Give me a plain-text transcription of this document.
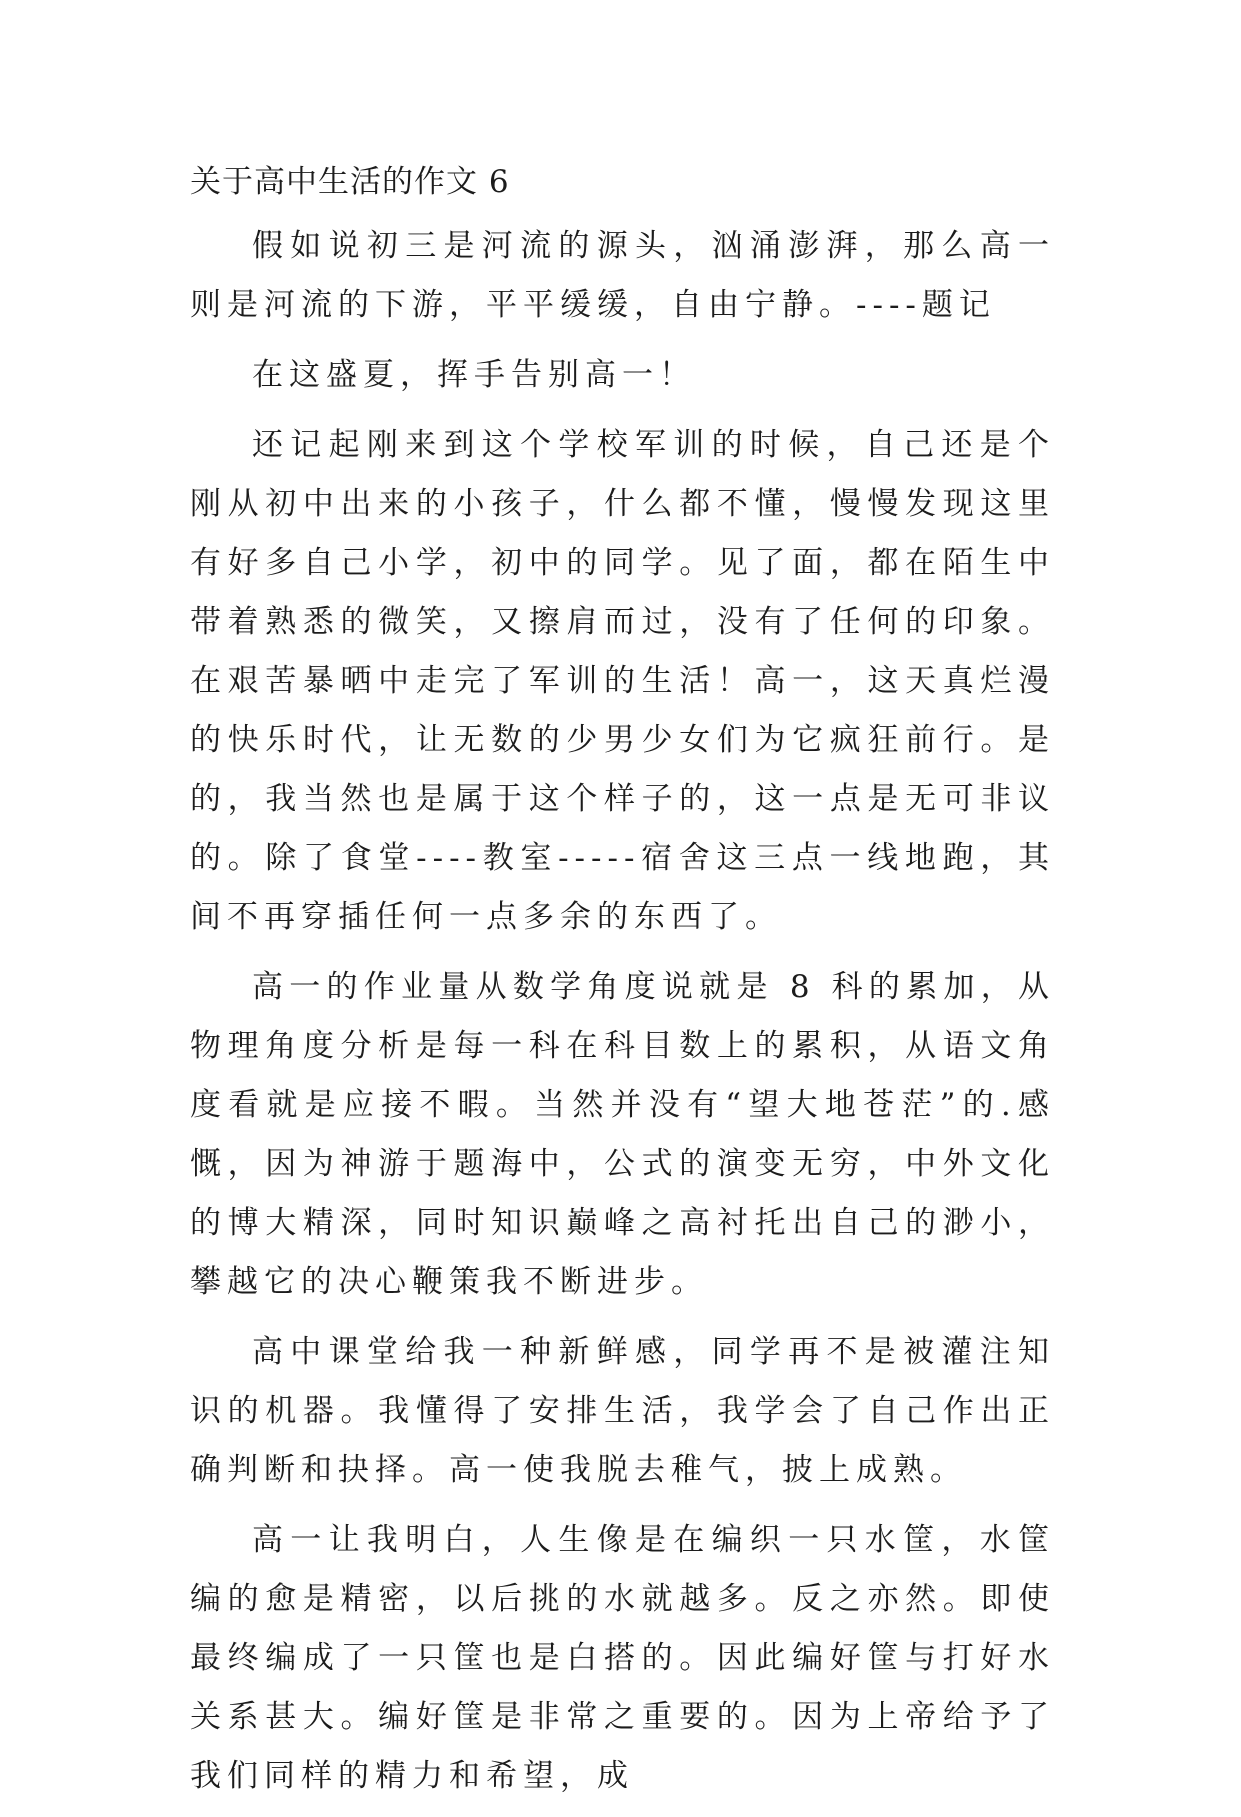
关于高中生活的作文 6

假如说初三是河流的源头，汹涌澎湃，那么高一则是河流的下游，平平缓缓，自由宁静。----题记

在这盛夏，挥手告别高一！

还记起刚来到这个学校军训的时候，自己还是个刚从初中出来的小孩子，什么都不懂，慢慢发现这里有好多自己小学，初中的同学。见了面，都在陌生中带着熟悉的微笑，又擦肩而过，没有了任何的印象。在艰苦暴晒中走完了军训的生活！高一，这天真烂漫的快乐时代，让无数的少男少女们为它疯狂前行。是的，我当然也是属于这个样子的，这一点是无可非议的。除了食堂----教室-----宿舍这三点一线地跑，其间不再穿插任何一点多余的东西了。

高一的作业量从数学角度说就是 8 科的累加，从物理角度分析是每一科在科目数上的累积，从语文角度看就是应接不暇。当然并没有“望大地苍茫”的.感慨，因为神游于题海中，公式的演变无穷，中外文化的博大精深，同时知识巅峰之高衬托出自己的渺小，攀越它的决心鞭策我不断进步。

高中课堂给我一种新鲜感，同学再不是被灌注知识的机器。我懂得了安排生活，我学会了自己作出正确判断和抉择。高一使我脱去稚气，披上成熟。

高一让我明白，人生像是在编织一只水筐，水筐编的愈是精密，以后挑的水就越多。反之亦然。即使最终编成了一只筐也是白搭的。因此编好筐与打好水关系甚大。编好筐是非常之重要的。因为上帝给予了我们同样的精力和希望，成
